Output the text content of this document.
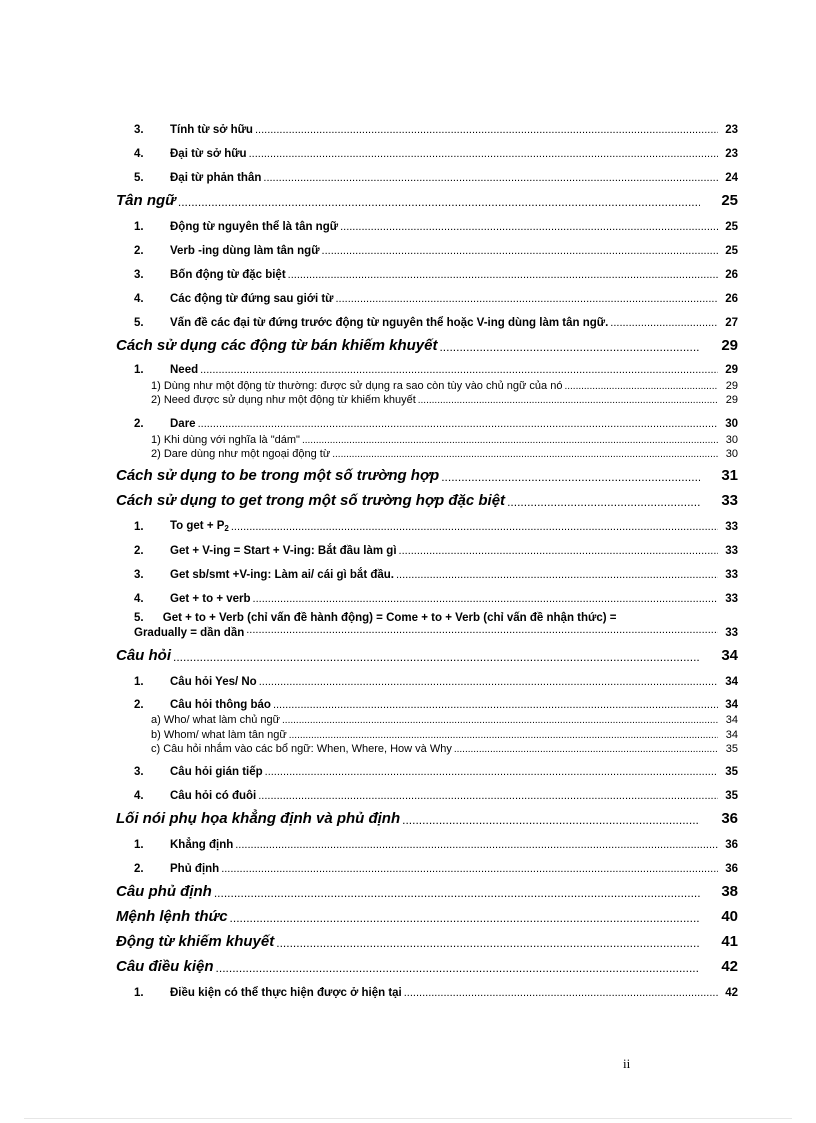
3.	Tính từ sở hữu .....	23
4.	Đại từ sở hữu .....	23
5.	Đại từ phản thân .....	24
Tân ngữ .....	25
1.	Động từ nguyên thể là tân ngữ .....	25
2.	Verb -ing dùng làm tân ngữ .....	25
3.	Bốn động từ đặc biệt .....	26
4.	Các động từ đứng sau giới từ .....	26
5.	Vấn đề các đại từ đứng trước động từ nguyên thể hoặc V-ing dùng làm tân ngữ. .....	27
Cách sử dụng các động từ bán khiếm khuyết .....	29
1.	Need .....	29
1) Dùng như một động từ thường: được sử dụng ra sao còn tùy vào chủ ngữ của nó .....	29
2) Need được sử dụng như một động từ khiếm khuyết .....	29
2.	Dare .....	30
1) Khi dùng với nghĩa là "dám" .....	30
2) Dare dùng như một ngoại động từ .....	30
Cách sử dụng to be trong một số trường hợp .....	31
Cách sử dụng to get trong một số trường hợp đặc biệt .....	33
1.	To get + $P_2$ .....	33
2.	Get + V-ing = Start + V-ing: Bắt đầu làm gì .....	33
3.	Get sb/smt +V-ing: Làm ai/ cái gì bắt đầu. .....	33
4.	Get + to + verb .....	33
5. Get + to + Verb (chỉ vấn đề hành động) = Come + to + Verb (chỉ vấn đề nhận thức) =
Gradually = dần dần .....	33
Câu hỏi .....	34
1.	Câu hỏi Yes/ No .....	34
2.	Câu hỏi thông báo .....	34
a) Who/ what làm chủ ngữ .....	34
b) Whom/ what làm tân ngữ .....	34
c) Câu hỏi nhắm vào các bổ ngữ: When, Where, How và Why .....	35
3.	Câu hỏi gián tiếp .....	35
4.	Câu hỏi có đuôi .....	35
Lối nói phụ họa khẳng định và phủ định .....	36
1.	Khẳng định .....	36
2.	Phủ định .....	36
Câu phủ định .....	38
Mệnh lệnh thức .....	40
Động từ khiếm khuyết .....	41
Câu điều kiện .....	42
1.	Điều kiện có thể thực hiện được ở hiện tại .....	42
ii
